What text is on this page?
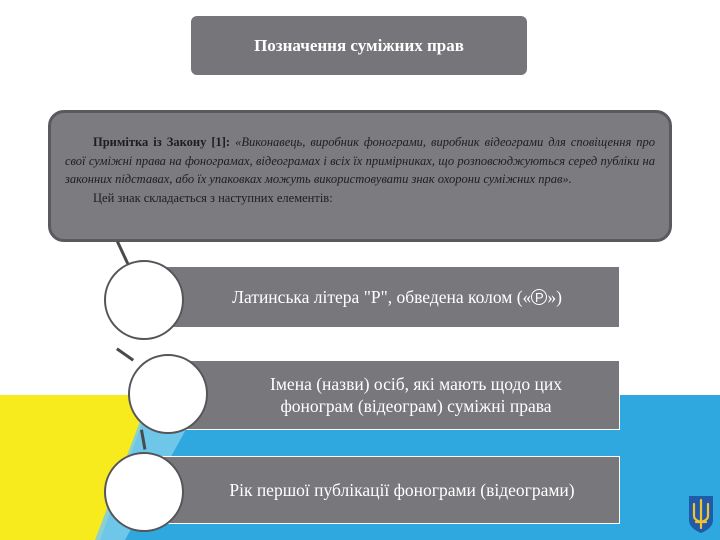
Позначення суміжних прав

Примітка із Закону [1]: «Виконавець, виробник фонограми, виробник відеограми для сповіщення про свої суміжні права на фонограмах, відеограмах і всіх їх примірниках, що розповсюджуються серед публіки на законних підставах, або їх упаковках можуть використовувати знак охорони суміжних прав».

Цей знак складається з наступних елементів:

Латинська літера "P", обведена колом (« P »)
Імена (назви) осіб, які мають щодо цих фонограм (відеограм) суміжні права
Рік першої публікації фонограми (відеограми)
